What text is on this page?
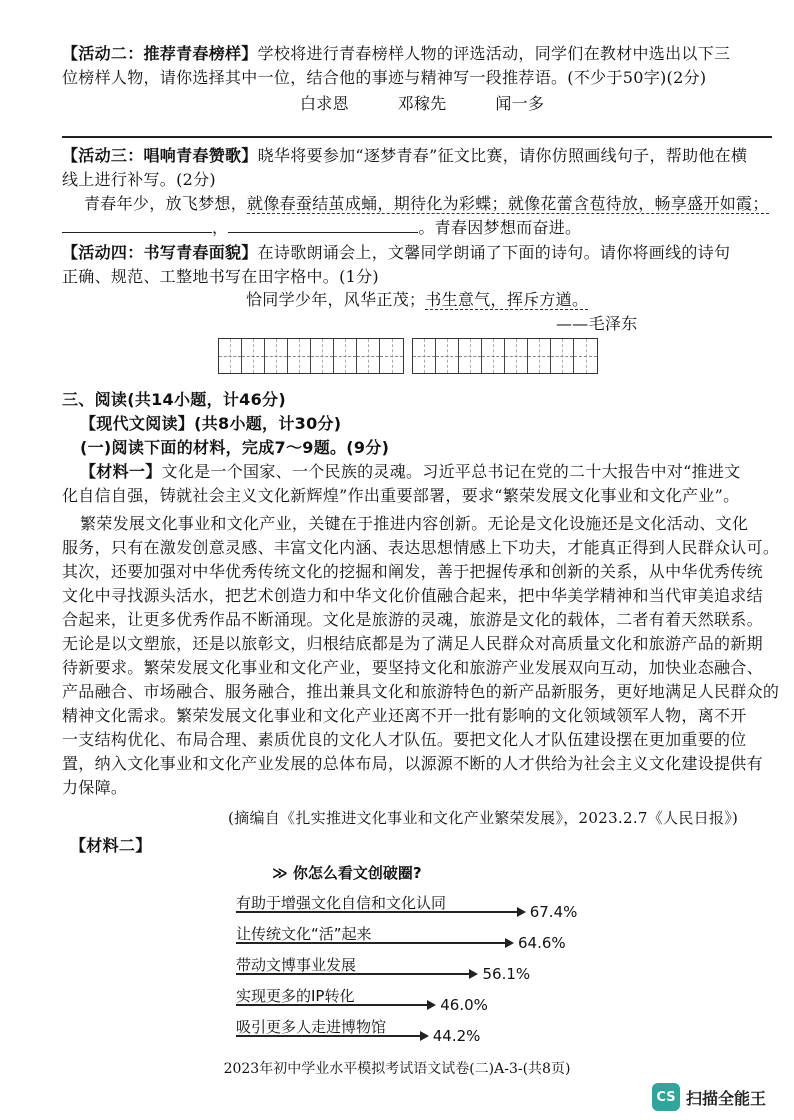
【活动二：推荐青春榜样】学校将进行青春榜样人物的评选活动，同学们在教材中选出以下三
位榜样人物，请你选择其中一位，结合他的事迹与精神写一段推荐语。(不少于50字)(2分)
白求恩	邓稼先	闻一多
【活动三：唱响青春赞歌】晓华将要参加“逐梦青春”征文比赛，请你仿照画线句子，帮助他在横
线上进行补写。(2分)
青春年少，放飞梦想，就像春蚕结茧成蛹，期待化为彩蝶；就像花蕾含苞待放，畅享盛开如霞；
，	。青春因梦想而奋进。
【活动四：书写青春面貌】在诗歌朗诵会上，文馨同学朗诵了下面的诗句。请你将画线的诗句
正确、规范、工整地书写在田字格中。(1分)
恰同学少年，风华正茂；书生意气，挥斥方遒。
——毛泽东
三、阅读(共14小题，计46分)
【现代文阅读】(共8小题，计30分)
(一)阅读下面的材料，完成7～9题。(9分)
【材料一】文化是一个国家、一个民族的灵魂。习近平总书记在党的二十大报告中对“推进文
化自信自强，铸就社会主义文化新辉煌”作出重要部署，要求“繁荣发展文化事业和文化产业”。
繁荣发展文化事业和文化产业，关键在于推进内容创新。无论是文化设施还是文化活动、文化
服务，只有在激发创意灵感、丰富文化内涵、表达思想情感上下功夫，才能真正得到人民群众认可。
其次，还要加强对中华优秀传统文化的挖掘和阐发，善于把握传承和创新的关系，从中华优秀传统
文化中寻找源头活水，把艺术创造力和中华文化价值融合起来，把中华美学精神和当代审美追求结
合起来，让更多优秀作品不断涌现。文化是旅游的灵魂，旅游是文化的载体，二者有着天然联系。
无论是以文塑旅，还是以旅彰文，归根结底都是为了满足人民群众对高质量文化和旅游产品的新期
待新要求。繁荣发展文化事业和文化产业，要坚持文化和旅游产业发展双向互动，加快业态融合、
产品融合、市场融合、服务融合，推出兼具文化和旅游特色的新产品新服务，更好地满足人民群众的
精神文化需求。繁荣发展文化事业和文化产业还离不开一批有影响的文化领域领军人物，离不开
一支结构优化、布局合理、素质优良的文化人才队伍。要把文化人才队伍建设摆在更加重要的位
置，纳入文化事业和文化产业发展的总体布局，以源源不断的人才供给为社会主义文化建设提供有
力保障。
(摘编自《扎实推进文化事业和文化产业繁荣发展》，2023.2.7《人民日报》)
【材料二】
≫ 你怎么看文创破圈?
有助于增强文化自信和文化认同	67.4%
让传统文化“活”起来	64.6%
带动文博事业发展	56.1%
实现更多的IP转化	46.0%
吸引更多人走进博物馆	44.2%
2023年初中学业水平模拟考试语文试卷(二)A-3-(共8页)
CS 扫描全能王
